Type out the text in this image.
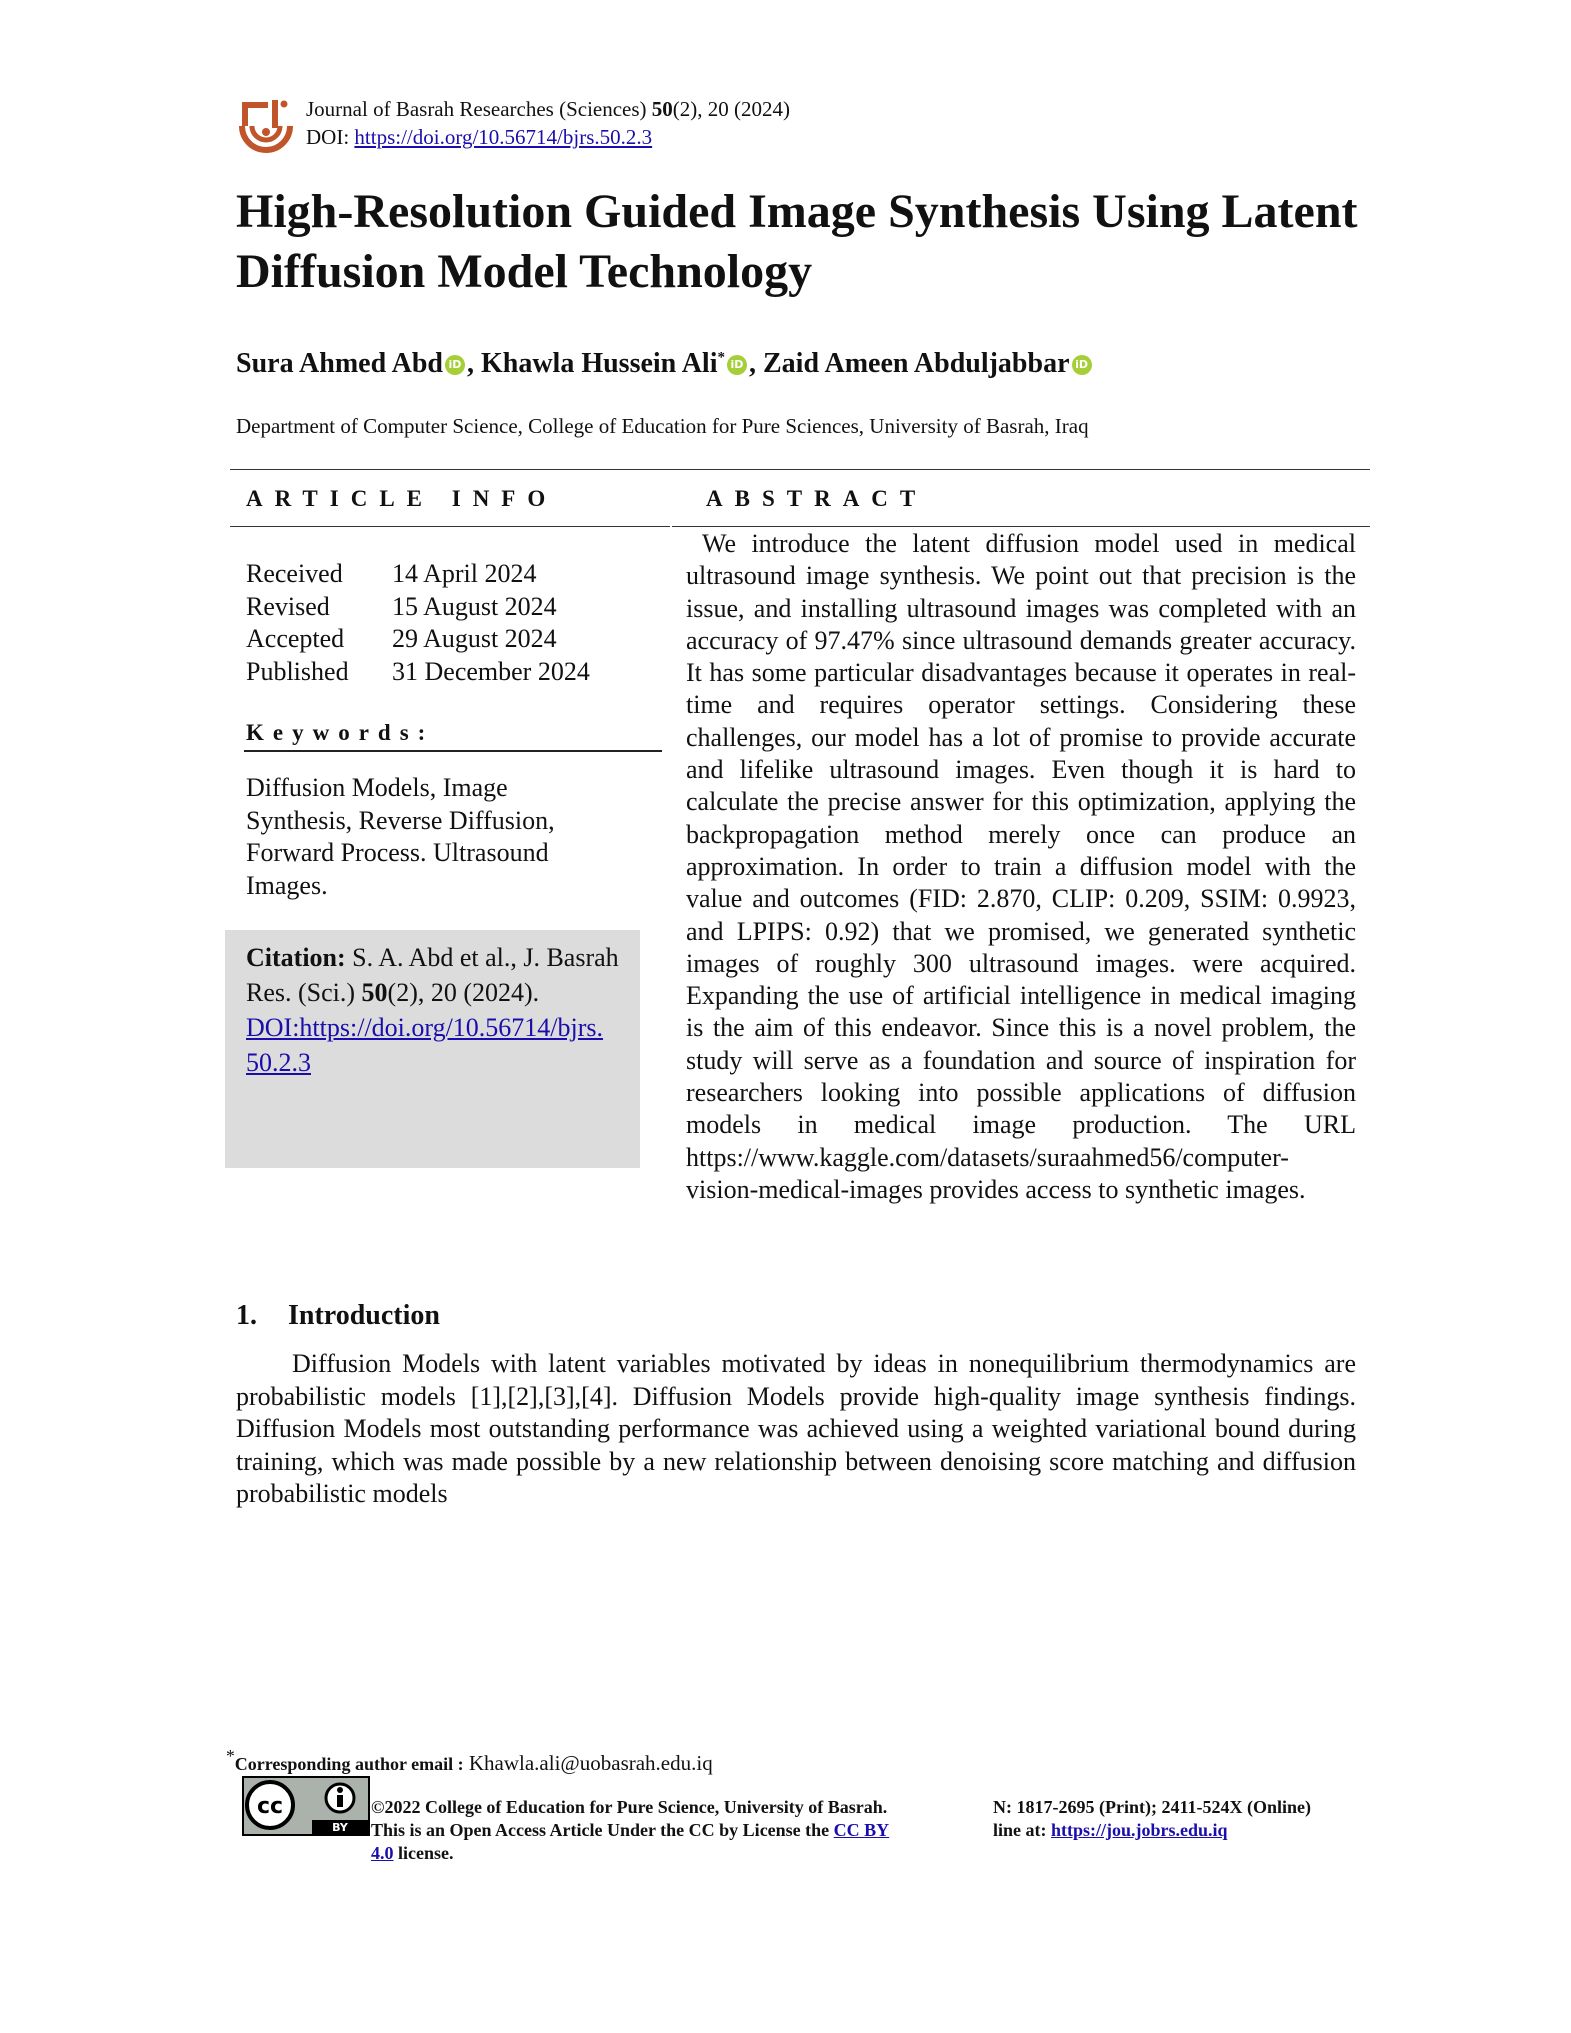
Journal of Basrah Researches (Sciences) 50(2), 20 (2024)
DOI: https://doi.org/10.56714/bjrs.50.2.3
High-Resolution Guided Image Synthesis Using Latent Diffusion Model Technology
Sura Ahmed Abd iD , Khawla Hussein Ali* iD , Zaid Ameen Abduljabbar iD
Department of Computer Science, College of Education for Pure Sciences, University of Basrah, Iraq
ARTICLE INFO	ABSTRACT
Received	14 April 2024
Revised	15 August 2024
Accepted	29 August 2024
Published	31 December 2024
Keywords:
Diffusion Models, Image Synthesis, Reverse Diffusion, Forward Process. Ultrasound Images.
Citation: S. A. Abd et al., J. Basrah Res. (Sci.) 50(2), 20 (2024).
DOI:https://doi.org/10.56714/bjrs. 50.2.3

We introduce the latent diffusion model used in medical ultrasound image synthesis. We point out that precision is the issue, and installing ultrasound images was completed with an accuracy of 97.47% since ultrasound demands greater accuracy. It has some particular disadvantages because it operates in real-time and requires operator settings. Considering these challenges, our model has a lot of promise to provide accurate and lifelike ultrasound images. Even though it is hard to calculate the precise answer for this optimization, applying the backpropagation method merely once can produce an approximation. In order to train a diffusion model with the value and outcomes (FID: 2.870, CLIP: 0.209, SSIM: 0.9923, and LPIPS: 0.92) that we promised, we generated synthetic images of roughly 300 ultrasound images. were acquired. Expanding the use of artificial intelligence in medical imaging is the aim of this endeavor. Since this is a novel problem, the study will serve as a foundation and source of inspiration for researchers looking into possible applications of diffusion models in medical image production. The URL https://www.kaggle.com/datasets/suraahmed56/computer-vision-medical-images provides access to synthetic images.

1. Introduction

Diffusion Models with latent variables motivated by ideas in nonequilibrium thermodynamics are probabilistic models [1],[2],[3],[4]. Diffusion Models provide high-quality image synthesis findings. Diffusion Models most outstanding performance was achieved using a weighted variational bound during training, which was made possible by a new relationship between denoising score matching and diffusion probabilistic models

*Corresponding author email : Khawla.ali@uobasrah.edu.iq
cc
BY
©2022 College of Education for Pure Science, University of Basrah. This is an Open Access Article Under the CC by License the CC BY 4.0 license.
N: 1817-2695 (Print); 2411-524X (Online)
line at: https://jou.jobrs.edu.iq
